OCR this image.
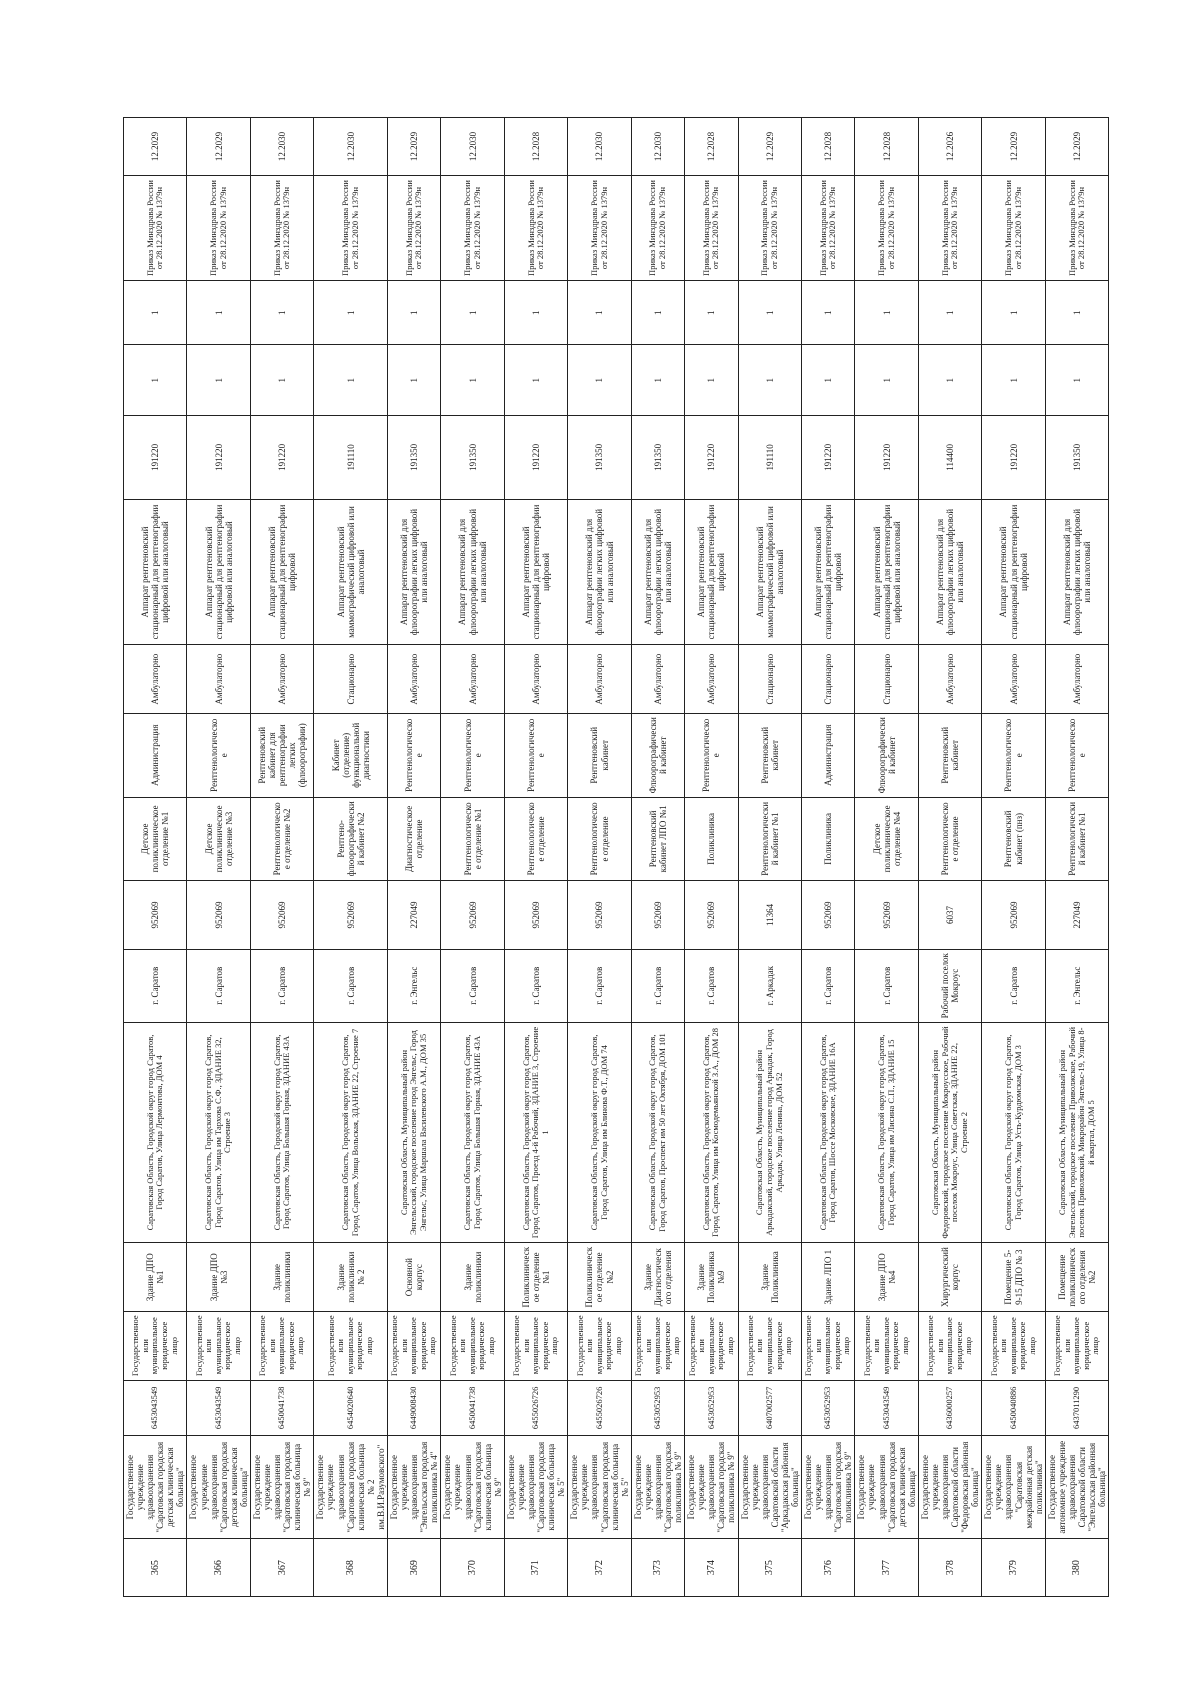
365	Государственное учреждение здравоохранения "Саратовская городская детская клиническая больница"	6453043549	Государственное или муниципальное юридическое лицо	Здание ДПО №1	Саратовская Область, Городской округ город Саратов, Город Саратов, Улица Лермонтова, ДОМ 4	г. Саратов	952069	Детское поликлиническое отделение №1	Администрация	Амбулаторно	Аппарат рентгеновский стационарный для рентгенографии цифровой или аналоговый	191220	1	1	Приказ Минздрава России от 28.12.2020 № 1379н	12.2029
366	Государственное учреждение здравоохранения "Саратовская городская детская клиническая больница"	6453043549	Государственное или муниципальное юридическое лицо	Здание ДПО №3	Саратовская Область, Городской округ город Саратов, Город Саратов, Улица им Тархова С.Ф., ЗДАНИЕ 32, Строение 3	г. Саратов	952069	Детское поликлиническое отделение №3	Рентгенологическое	Амбулаторно	Аппарат рентгеновский стационарный для рентгенографии цифровой или аналоговый	191220	1	1	Приказ Минздрава России от 28.12.2020 № 1379н	12.2029
367	Государственное учреждение здравоохранения "Саратовская городская клиническая больница № 9"	6450041738	Государственное или муниципальное юридическое лицо	Здание поликлиники	Саратовская Область, Городской округ город Саратов, Город Саратов, Улица Большая Горная, ЗДАНИЕ 43А	г. Саратов	952069	Рентгенологическое отделение №2	Рентгеновский кабинет для рентгенографии легких (флюорографии)	Амбулаторно	Аппарат рентгеновский стационарный для рентгенографии цифровой	191220	1	1	Приказ Минздрава России от 28.12.2020 № 1379н	12.2030
368	Государственное учреждение здравоохранения "Саратовская городская клиническая больница № 2 им.В.И.Разумовского"	6454020640	Государственное или муниципальное юридическое лицо	Здание поликлиники № 2	Саратовская Область, Городской округ город Саратов, Город Саратов, Улица Вольская, ЗДАНИЕ 22, Строение 7	г. Саратов	952069	Рентгено-флюорографический кабинет №2	Кабинет (отделение) функциональной диагностики	Стационарно	Аппарат рентгеновский маммографический цифровой или аналоговый	191110	1	1	Приказ Минздрава России от 28.12.2020 № 1379н	12.2030
369	Государственное учреждение здравоохранения "Энгельсская городская поликлиника № 4"	6449008430	Государственное или муниципальное юридическое лицо	Основной корпус	Саратовская Область, Муниципальный район Энгельсский, городское поселение город Энгельс, Город Энгельс, Улица Маршала Василевского А.М., ДОМ 35	г. Энгельс	227049	Диагностическое отделение	Рентгенологическое	Амбулаторно	Аппарат рентгеновский для флюорографии легких цифровой или аналоговый	191350	1	1	Приказ Минздрава России от 28.12.2020 № 1379н	12.2029
370	Государственное учреждение здравоохранения "Саратовская городская клиническая больница № 9"	6450041738	Государственное или муниципальное юридическое лицо	Здание поликлиники	Саратовская Область, Городской округ город Саратов, Город Саратов, Улица Большая Горная, ЗДАНИЕ 43А	г. Саратов	952069	Рентгенологическое отделение №1	Рентгенологическое	Амбулаторно	Аппарат рентгеновский для флюорографии легких цифровой или аналоговый	191350	1	1	Приказ Минздрава России от 28.12.2020 № 1379н	12.2030
371	Государственное учреждение здравоохранения "Саратовская городская клиническая больница № 5"	6455026726	Государственное или муниципальное юридическое лицо	Поликлиническое отделение №1	Саратовская Область, Городской округ город Саратов, Город Саратов, Проезд 4-й Рабочий, ЗДАНИЕ 3, Строение 1	г. Саратов	952069	Рентгенологическое отделение	Рентгенологическое	Амбулаторно	Аппарат рентгеновский стационарный для рентгенографии цифровой	191220	1	1	Приказ Минздрава России от 28.12.2020 № 1379н	12.2028
372	Государственное учреждение здравоохранения "Саратовская городская клиническая больница № 5"	6455026726	Государственное или муниципальное юридическое лицо	Поликлиническое отделение №2	Саратовская Область, Городской округ город Саратов, Город Саратов, Улица им Блинова Ф.Т., ДОМ 74	г. Саратов	952069	Рентгенологическое отделение	Рентгеновский кабинет	Амбулаторно	Аппарат рентгеновский для флюорографии легких цифровой или аналоговый	191350	1	1	Приказ Минздрава России от 28.12.2020 № 1379н	12.2030
373	Государственное учреждение здравоохранения "Саратовская городская поликлиника № 9"	6453052953	Государственное или муниципальное юридическое лицо	Здание Диагностического отделения	Саратовская Область, Городской округ город Саратов, Город Саратов, Проспект им 50 лет Октября, ДОМ 101	г. Саратов	952069	Рентгеновский кабинет ЛПО №1	Флюорографический кабинет	Амбулаторно	Аппарат рентгеновский для флюорографии легких цифровой или аналоговый	191350	1	1	Приказ Минздрава России от 28.12.2020 № 1379н	12.2030
374	Государственное учреждение здравоохранения "Саратовская городская поликлиника № 9"	6453052953	Государственное или муниципальное юридическое лицо	Здание Поликлиника №9	Саратовская Область, Городской округ город Саратов, Город Саратов, Улица им Космодемьянской З.А., ДОМ 28	г. Саратов	952069	Поликлиника	Рентгенологическое	Амбулаторно	Аппарат рентгеновский стационарный для рентгенографии цифровой	191220	1	1	Приказ Минздрава России от 28.12.2020 № 1379н	12.2028
375	Государственное учреждение здравоохранения Саратовской области "Аркадакская районная больница"	6407002577	Государственное или муниципальное юридическое лицо	Здание Поликлиника	Саратовская Область, Муниципальный район Аркадакский, городское поселение город Аркадак, Город Аркадак, Улица Ленина, ДОМ 52	г. Аркадак	11364	Рентгенологический кабинет №1	Рентгеновский кабинет	Стационарно	Аппарат рентгеновский маммографический цифровой или аналоговый	191110	1	1	Приказ Минздрава России от 28.12.2020 № 1379н	12.2029
376	Государственное учреждение здравоохранения "Саратовская городская поликлиника № 9"	6453052953	Государственное или муниципальное юридическое лицо	Здание ЛПО 1	Саратовская Область, Городской округ город Саратов, Город Саратов, Шоссе Московское, ЗДАНИЕ 16А	г. Саратов	952069	Поликлиника	Администрация	Стационарно	Аппарат рентгеновский стационарный для рентгенографии цифровой	191220	1	1	Приказ Минздрава России от 28.12.2020 № 1379н	12.2028
377	Государственное учреждение здравоохранения "Саратовская городская детская клиническая больница"	6453043549	Государственное или муниципальное юридическое лицо	Здание ДПО №4	Саратовская Область, Городской округ город Саратов, Город Саратов, Улица им Лисина С.П., ЗДАНИЕ 15	г. Саратов	952069	Детское поликлиническое отделение №4	Флюорографический кабинет	Стационарно	Аппарат рентгеновский стационарный для рентгенографии цифровой или аналоговый	191220	1	1	Приказ Минздрава России от 28.12.2020 № 1379н	12.2028
378	Государственное учреждение здравоохранения Саратовской области "Федоровская районная больница"	6436000257	Государственное или муниципальное юридическое лицо	Хирургический корпус	Саратовская Область, Муниципальный район Федоровский, городское поселение Мокроусское, Рабочий поселок Мокроус, Улица Советская, ЗДАНИЕ 22, Строение 2	Рабочий поселок Мокроус	6037	Рентгенологическое отделение	Рентгеновский кабинет	Амбулаторно	Аппарат рентгеновский для флюорографии легких цифровой или аналоговый	114400	1	1	Приказ Минздрава России от 28.12.2020 № 1379н	12.2026
379	Государственное учреждение здравоохранения "Саратовская межрайонная детская поликлиника"	6450040886	Государственное или муниципальное юридическое лицо	Помещение 5-9-15 ДПО № 3	Саратовская Область, Городской округ город Саратов, Город Саратов, Улица Усть-Курдюмская, ДОМ 3	г. Саратов	952069	Рентгеновский кабинет (пнз)	Рентгенологическое	Амбулаторно	Аппарат рентгеновский стационарный для рентгенографии цифровой	191220	1	1	Приказ Минздрава России от 28.12.2020 № 1379н	12.2029
380	Государственное автономное учреждение здравоохранения Саратовской области "Энгельсская районная больница"	6437011290	Государственное или муниципальное юридическое лицо	Помещение поликлинического отделения №2	Саратовская Область, Муниципальный район Энгельсский, городское поселение Приволжское, Рабочий поселок Приволжский, Микрорайон Энгельс-19, Улица 8-й квартал, ДОМ 5	г. Энгельс	227049	Рентгенологический кабинет №1	Рентгенологическое	Амбулаторно	Аппарат рентгеновский для флюорографии легких цифровой или аналоговый	191350	1	1	Приказ Минздрава России от 28.12.2020 № 1379н	12.2029
